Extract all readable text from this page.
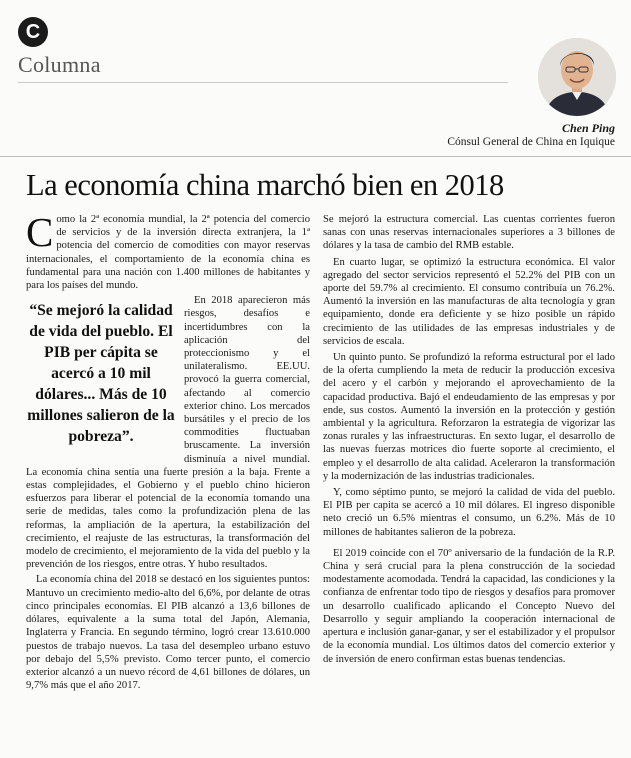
C
Columna
Chen Ping
Cónsul General de China en Iquique
La economía china marchó bien en 2018

Como la 2ª economía mundial, la 2ª potencia del comercio de servicios y de la inversión directa extranjera, la 1ª potencia del comercio de comodities con mayor reservas internacionales, el comportamiento de la economía china es fundamental para una nación con 1.400 millones de habitantes y para los países del mundo.

“Se mejoró la calidad de vida del pueblo. El PIB per cápita se acercó a 10 mil dólares... Más de 10 millones salieron de la pobreza”.

En 2018 aparecieron más riesgos, desafíos e incertidumbres con la aplicación del proteccionismo y el unilateralismo. EE.UU. provocó la guerra comercial, afectando al comercio exterior chino. Los mercados bursátiles y el precio de los commodities fluctuaban bruscamente. La inversión disminuía a nivel mundial. La economía china sentía una fuerte presión a la baja. Frente a estas complejidades, el Gobierno y el pueblo chino hicieron esfuerzos para liberar el potencial de la economía tomando una serie de medidas, tales como la profundización plena de las reformas, la ampliación de la apertura, la estabilización del crecimiento, el reajuste de las estructuras, la transformación del modelo de crecimiento, el mejoramiento de la vida del pueblo y la prevención de los riesgos, entre otras. Y hubo resultados.

La economía china del 2018 se destacó en los siguientes puntos: Mantuvo un crecimiento medio-alto del 6,6%, por delante de otras cinco principales economías. El PIB alcanzó a 13,6 billones de dólares, equivalente a la suma total del Japón, Alemania, Inglaterra y Francia. En segundo término, logró crear 13.610.000 puestos de trabajo nuevos. La tasa del desempleo urbano estuvo por debajo del 5,5% previsto. Como tercer punto, el comercio exterior alcanzó a un nuevo récord de 4,61 billones de dólares, un 9,7% más que el año 2017.

Se mejoró la estructura comercial. Las cuentas corrientes fueron sanas con unas reservas internacionales superiores a 3 billones de dólares y la tasa de cambio del RMB estable.

En cuarto lugar, se optimizó la estructura económica. El valor agregado del sector servicios representó el 52.2% del PIB con un aporte del 59.7% al crecimiento. El consumo contribuía un 76.2%. Aumentó la inversión en las manufacturas de alta tecnología y gran equipamiento, donde era deficiente y se hizo posible un rápido crecimiento de las utilidades de las empresas industriales y de servicios de escala.

Un quinto punto. Se profundizó la reforma estructural por el lado de la oferta cumpliendo la meta de reducir la producción excesiva del acero y el carbón y mejorando el aprovechamiento de la capacidad productiva. Bajó el endeudamiento de las empresas y por ende, sus costos. Aumentó la inversión en la protección y gestión ambiental y la agricultura. Reforzaron la estrategia de vigorizar las zonas rurales y las infraestructuras. En sexto lugar, el desarrollo de las nuevas fuerzas motrices dio fuerte soporte al crecimiento, el empleo y el desarrollo de alta calidad. Aceleraron la transformación y la modernización de las industrias tradicionales.

Y, como séptimo punto, se mejoró la calidad de vida del pueblo. El PIB per capita se acercó a 10 mil dólares. El ingreso disponible neto creció un 6.5% mientras el consumo, un 6.2%. Más de 10 millones de habitantes salieron de la pobreza.

El 2019 coincide con el 70º aniversario de la fundación de la R.P. China y será crucial para la plena construcción de la sociedad modestamente acomodada. Tendrá la capacidad, las condiciones y la confianza de enfrentar todo tipo de riesgos y desafíos para promover un desarrollo cualificado aplicando el Concepto Nuevo del Desarrollo y seguir ampliando la cooperación internacional de apertura e inclusión ganar-ganar, y ser el estabilizador y el propulsor de la economía mundial. Los últimos datos del comercio exterior y de inversión de enero confirman estas buenas tendencias.
